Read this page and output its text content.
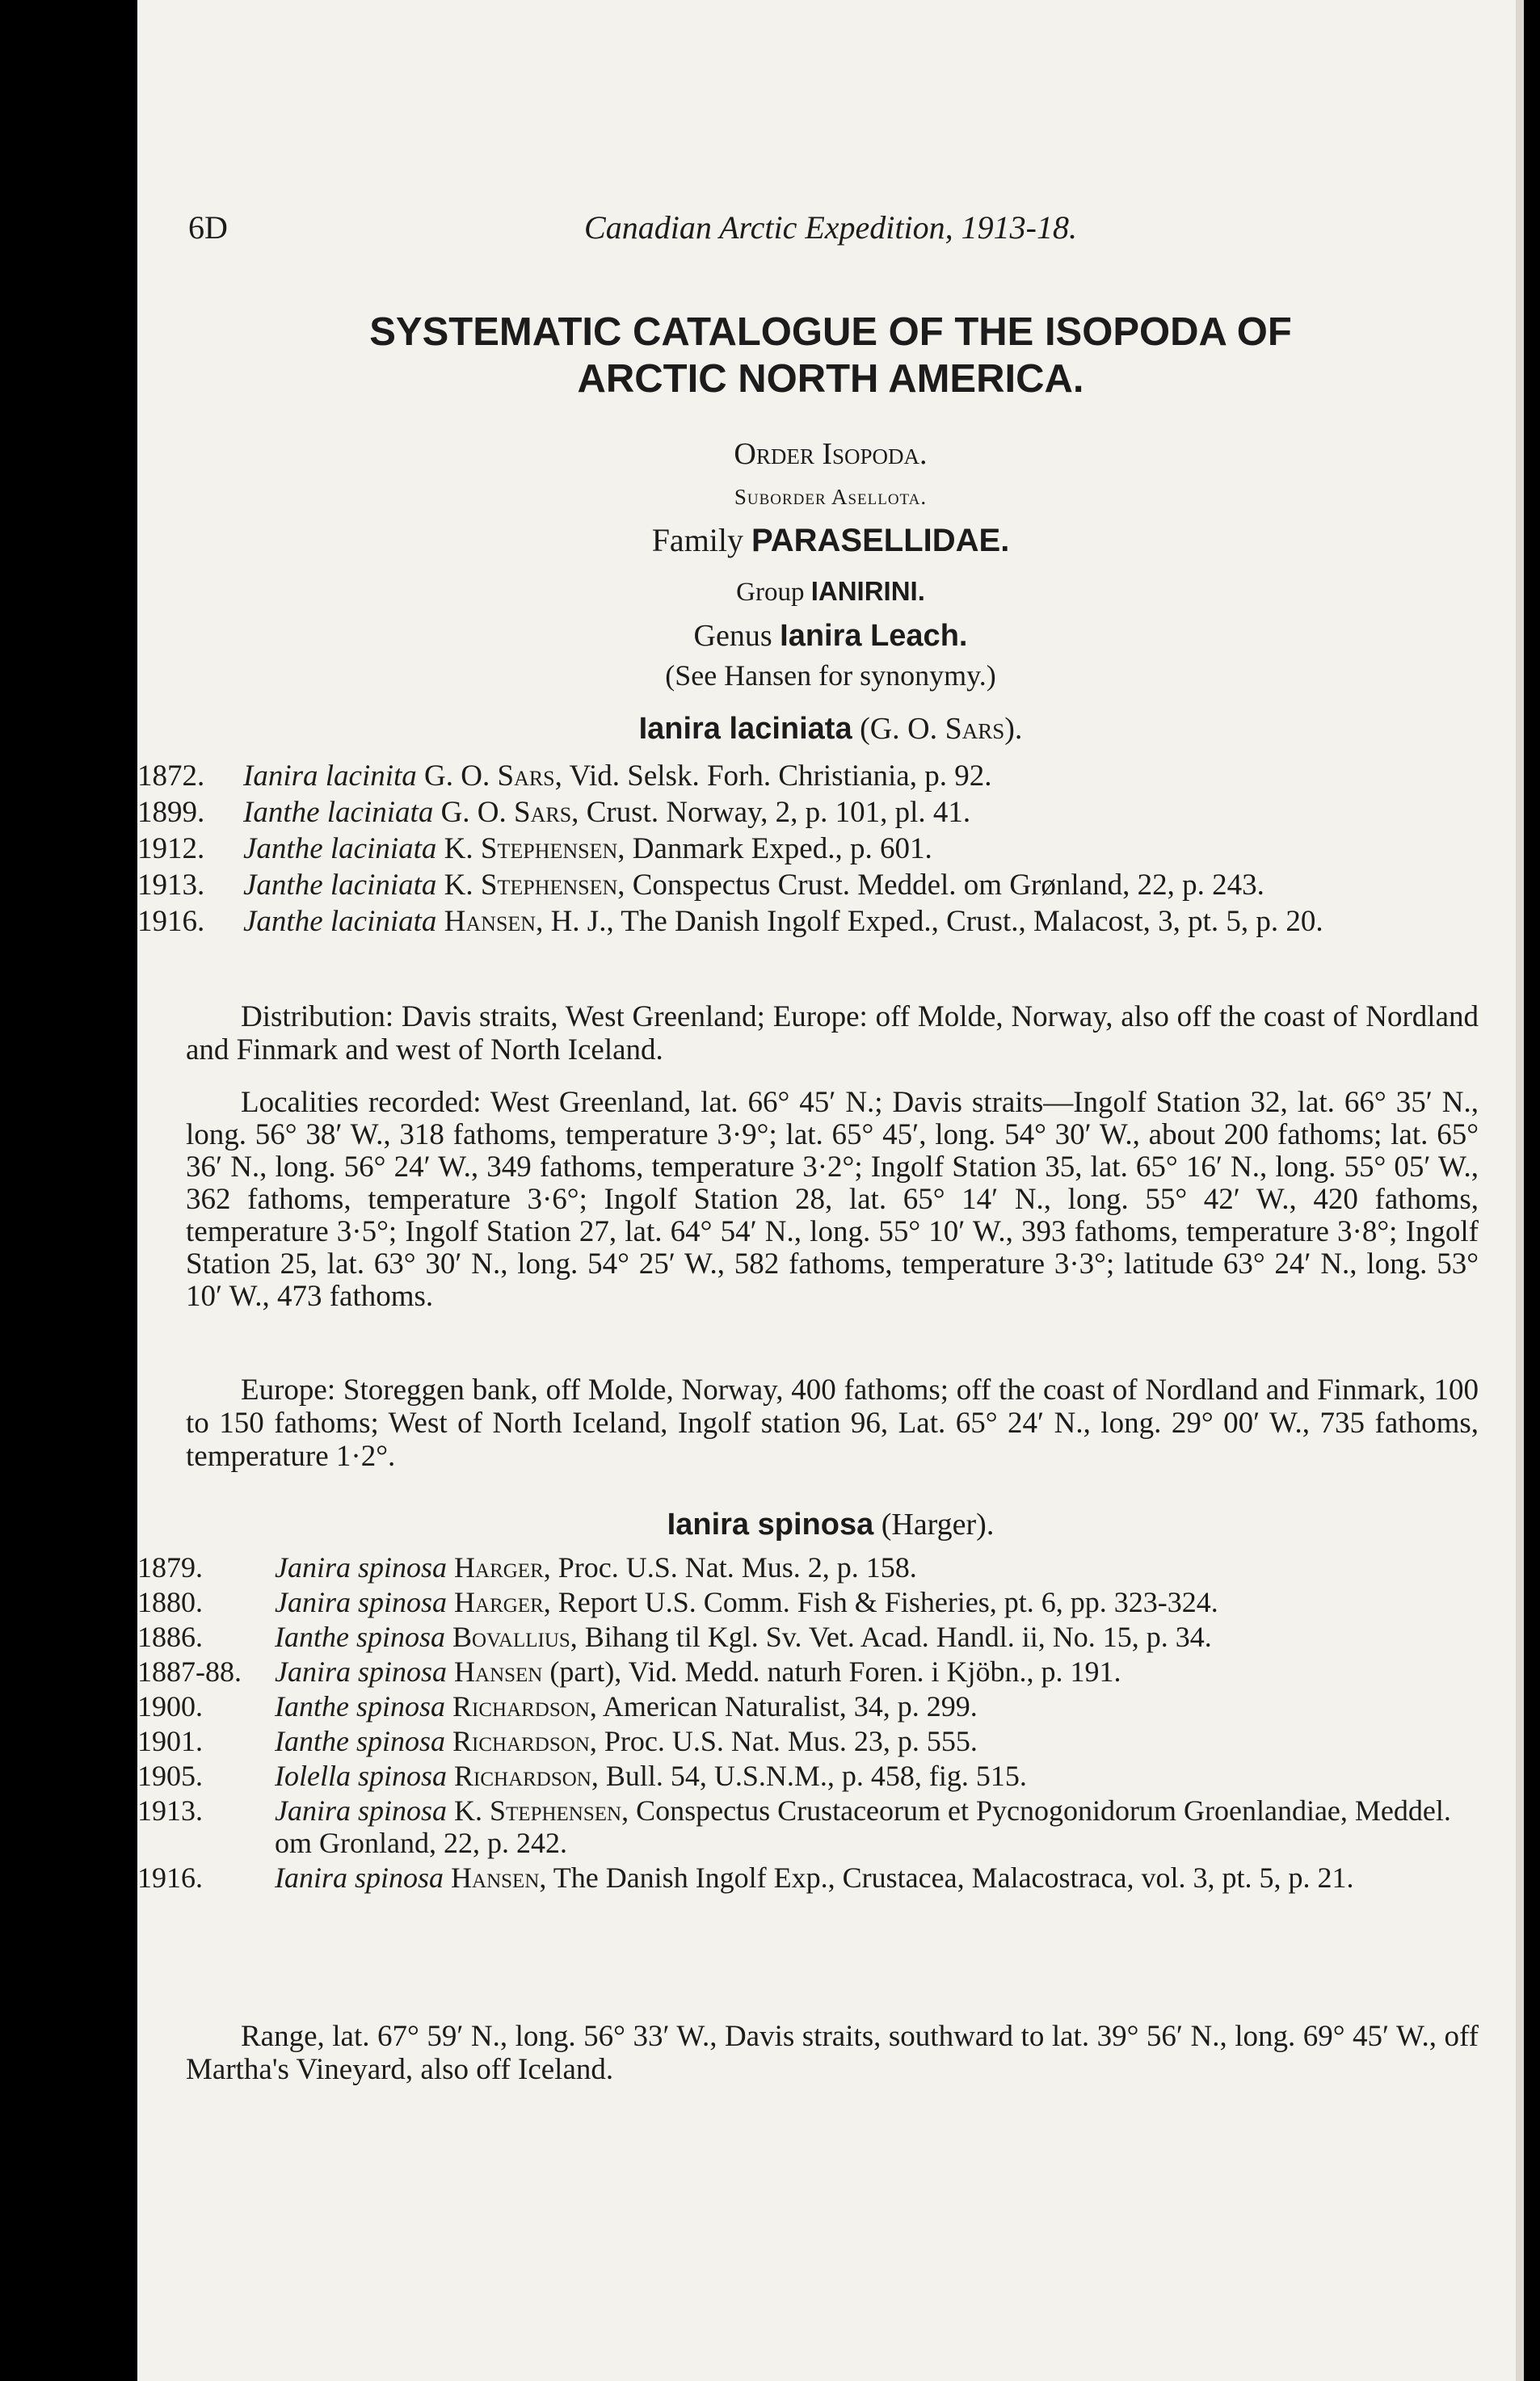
6D	Canadian Arctic Expedition, 1913-18.
SYSTEMATIC CATALOGUE OF THE ISOPODA OF
ARCTIC NORTH AMERICA.
Order Isopoda.
Suborder Asellota.
Family PARASELLIDAE.
Group IANIRINI.
Genus Ianira Leach.
(See Hansen for synonymy.)
Ianira laciniata (G. O. Sars).
1872. Ianira lacinita G. O. Sars, Vid. Selsk. Forh. Christiania, p. 92.
1899. Ianthe laciniata G. O. Sars, Crust. Norway, 2, p. 101, pl. 41.
1912. Janthe laciniata K. Stephensen, Danmark Exped., p. 601.
1913. Janthe laciniata K. Stephensen, Conspectus Crust. Meddel. om Grønland, 22, p. 243.
1916. Janthe laciniata Hansen, H. J., The Danish Ingolf Exped., Crust., Malacost, 3, pt. 5, p. 20.
Distribution: Davis straits, West Greenland; Europe: off Molde, Norway, also off the coast of Nordland and Finmark and west of North Iceland.
Localities recorded: West Greenland, lat. 66° 45′ N.; Davis straits—Ingolf Station 32, lat. 66° 35′ N., long. 56° 38′ W., 318 fathoms, temperature 3·9°; lat. 65° 45′, long. 54° 30′ W., about 200 fathoms; lat. 65° 36′ N., long. 56° 24′ W., 349 fathoms, temperature 3·2°; Ingolf Station 35, lat. 65° 16′ N., long. 55° 05′ W., 362 fathoms, temperature 3·6°; Ingolf Station 28, lat. 65° 14′ N., long. 55° 42′ W., 420 fathoms, temperature 3·5°; Ingolf Station 27, lat. 64° 54′ N., long. 55° 10′ W., 393 fathoms, temperature 3·8°; Ingolf Station 25, lat. 63° 30′ N., long. 54° 25′ W., 582 fathoms, temperature 3·3°; latitude 63° 24′ N., long. 53° 10′ W., 473 fathoms.
Europe: Storeggen bank, off Molde, Norway, 400 fathoms; off the coast of Nordland and Finmark, 100 to 150 fathoms; West of North Iceland, Ingolf station 96, Lat. 65° 24′ N., long. 29° 00′ W., 735 fathoms, temperature 1·2°.
Ianira spinosa (Harger).
1879. Janira spinosa Harger, Proc. U.S. Nat. Mus. 2, p. 158.
1880. Janira spinosa Harger, Report U.S. Comm. Fish & Fisheries, pt. 6, pp. 323-324.
1886. Ianthe spinosa Bovallius, Bihang til Kgl. Sv. Vet. Acad. Handl. ii, No. 15, p. 34.
1887-88. Janira spinosa Hansen (part), Vid. Medd. naturh Foren. i Kjöbn., p. 191.
1900. Ianthe spinosa Richardson, American Naturalist, 34, p. 299.
1901. Ianthe spinosa Richardson, Proc. U.S. Nat. Mus. 23, p. 555.
1905. Iolella spinosa Richardson, Bull. 54, U.S.N.M., p. 458, fig. 515.
1913. Janira spinosa K. Stephensen, Conspectus Crustaceorum et Pycnogonidorum Groenlandiae, Meddel. om Gronland, 22, p. 242.
1916. Ianira spinosa Hansen, The Danish Ingolf Exp., Crustacea, Malacostraca, vol. 3, pt. 5, p. 21.
Range, lat. 67° 59′ N., long. 56° 33′ W., Davis straits, southward to lat. 39° 56′ N., long. 69° 45′ W., off Martha's Vineyard, also off Iceland.
